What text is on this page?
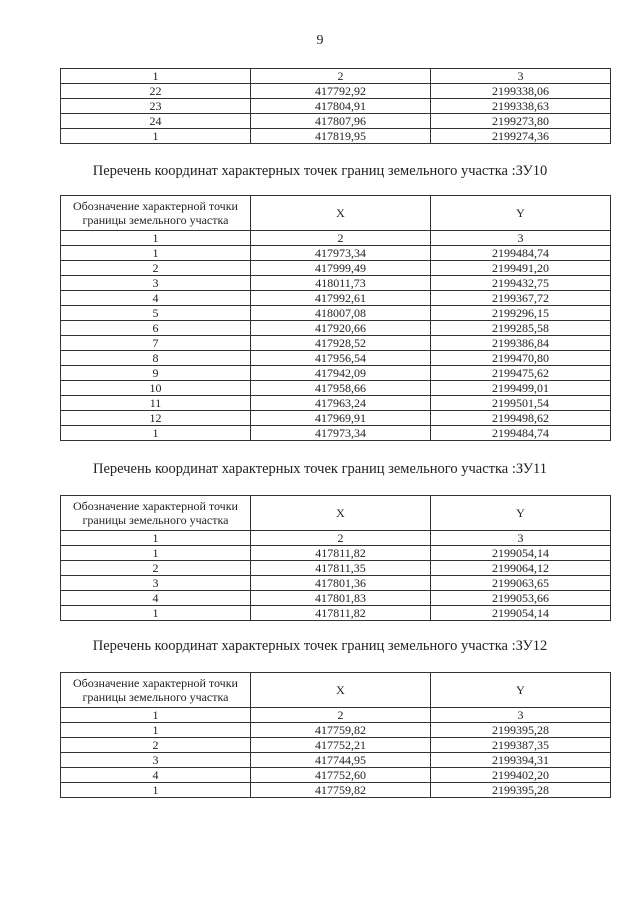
9
1	2	3
22	417792,92	2199338,06
23	417804,91	2199338,63
24	417807,96	2199273,80
1	417819,95	2199274,36
Перечень координат характерных точек границ земельного участка :ЗУ10
Обозначение характерной точки границы земельного участка	X	Y
1	2	3
1	417973,34	2199484,74
2	417999,49	2199491,20
3	418011,73	2199432,75
4	417992,61	2199367,72
5	418007,08	2199296,15
6	417920,66	2199285,58
7	417928,52	2199386,84
8	417956,54	2199470,80
9	417942,09	2199475,62
10	417958,66	2199499,01
11	417963,24	2199501,54
12	417969,91	2199498,62
1	417973,34	2199484,74
Перечень координат характерных точек границ земельного участка :ЗУ11
Обозначение характерной точки границы земельного участка	X	Y
1	2	3
1	417811,82	2199054,14
2	417811,35	2199064,12
3	417801,36	2199063,65
4	417801,83	2199053,66
1	417811,82	2199054,14
Перечень координат характерных точек границ земельного участка :ЗУ12
Обозначение характерной точки границы земельного участка	X	Y
1	2	3
1	417759,82	2199395,28
2	417752,21	2199387,35
3	417744,95	2199394,31
4	417752,60	2199402,20
1	417759,82	2199395,28
